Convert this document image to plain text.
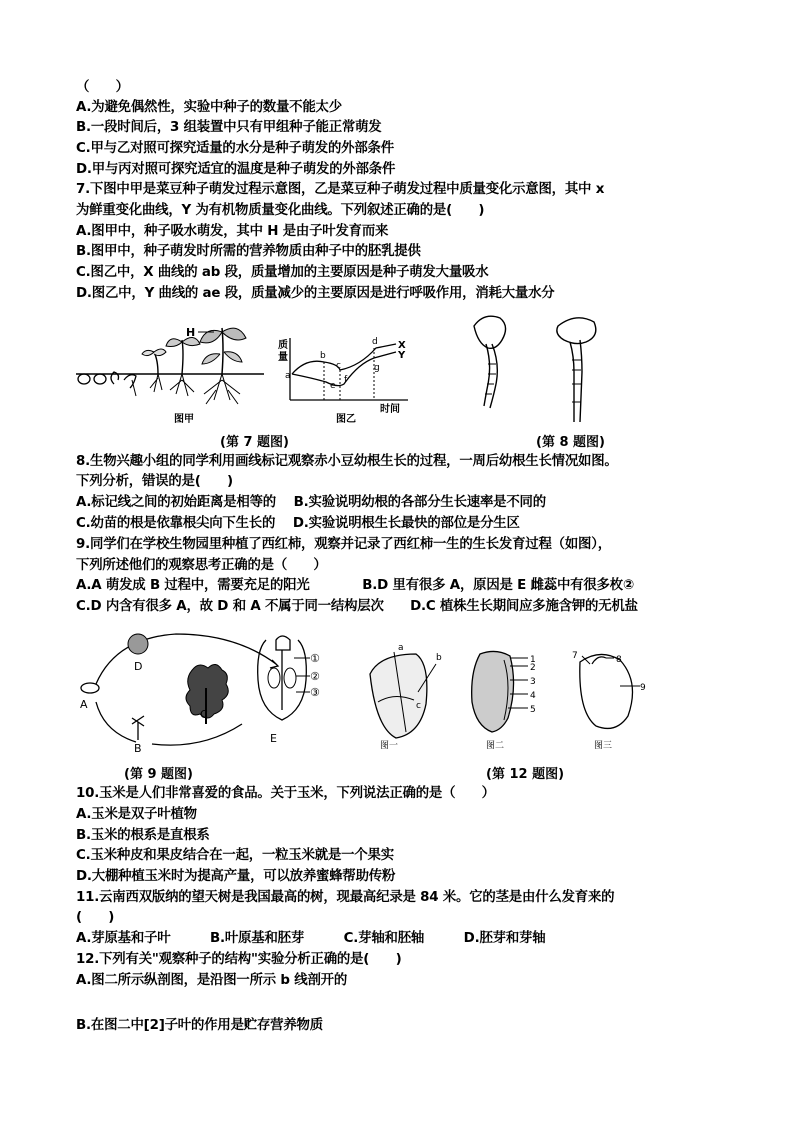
（　　）
A.为避免偶然性，实验中种子的数量不能太少
B.一段时间后，3 组装置中只有甲组种子能正常萌发
C.甲与乙对照可探究适量的水分是种子萌发的外部条件
D.甲与丙对照可探究适宜的温度是种子萌发的外部条件
7.下图中甲是菜豆种子萌发过程示意图，乙是菜豆种子萌发过程中质量变化示意图，其中 x
为鲜重变化曲线，Y 为有机物质量变化曲线。下列叙述正确的是(　　)
A.图甲中，种子吸水萌发，其中 H 是由子叶发育而来
B.图甲中，种子萌发时所需的营养物质由种子中的胚乳提供
C.图乙中，X 曲线的 ab 段，质量增加的主要原因是种子萌发大量吸水
D.图乙中，Y 曲线的 ae 段，质量减少的主要原因是进行呼吸作用，消耗大量水分
8.生物兴趣小组的同学利用画线标记观察赤小豆幼根生长的过程，一周后幼根生长情况如图。
下列分析，错误的是(　　)
A.标记线之间的初始距离是相等的　 B.实验说明幼根的各部分生长速率是不同的
C.幼苗的根是依靠根尖向下生长的　 D.实验说明根生长最快的部位是分生区
9.同学们在学校生物园里种植了西红柿，观察并记录了西红柿一生的生长发育过程（如图），
下列所述他们的观察思考正确的是（　　）
A.A 萌发成 B 过程中，需要充足的阳光　　　　B.D 里有很多 A，原因是 E 雌蕊中有很多枚②
C.D 内含有很多 A，故 D 和 A 不属于同一结构层次　　D.C 植株生长期间应多施含钾的无机盐
10.玉米是人们非常喜爱的食品。关于玉米，下列说法正确的是（　　）
A.玉米是双子叶植物
B.玉米的根系是直根系
C.玉米种皮和果皮结合在一起，一粒玉米就是一个果实
D.大棚种植玉米时为提高产量，可以放养蜜蜂帮助传粉
11.云南西双版纳的望天树是我国最高的树，现最高纪录是 84 米。它的茎是由什么发育来的
(　　)
A.芽原基和子叶　　　B.叶原基和胚芽　　　C.芽轴和胚轴　　　D.胚芽和芽轴
12.下列有关"观察种子的结构"实验分析正确的是(　　)
A.图二所示纵剖图，是沿图一所示 b 线剖开的
B.在图二中[2]子叶的作用是贮存营养物质
H
图甲
质
量
时间
a
b
c
d
e
f
g
X
Y
图乙
(第 7 题图)	(第 8 题图)
A
D
B
C
①
②
③
E
(第 9 题图)
a
b
c
图一
1
2
3
4
5
图二
7	8
9
图三
(第 12 题图)
